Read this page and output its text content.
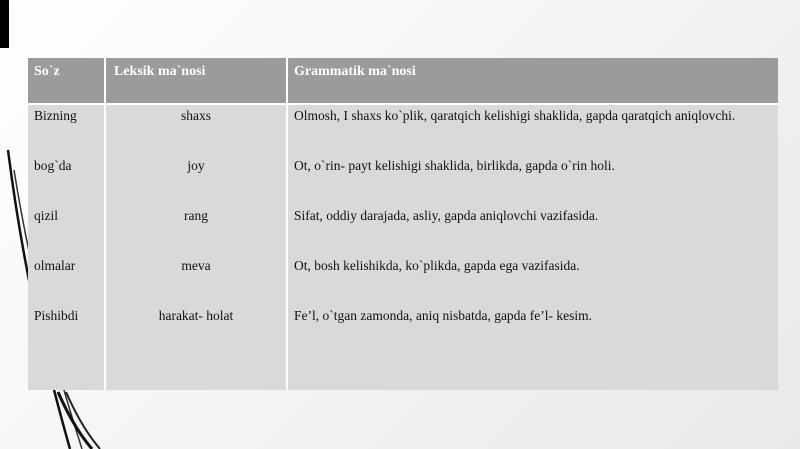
So`z	Leksik ma`nosi	Grammatik ma`nosi
Bizning	shaxs	Olmosh, I shaxs ko`plik, qaratqich kelishigi shaklida, gapda qaratqich aniqlovchi.
bog`da	joy	Ot, o`rin- payt kelishigi shaklida, birlikda, gapda o`rin holi.
qizil	rang	Sifat, oddiy darajada, asliy, gapda aniqlovchi vazifasida.
olmalar	meva	Ot, bosh kelishikda, ko`plikda, gapda ega vazifasida.
Pishibdi	harakat- holat	Fe’l, o`tgan zamonda, aniq nisbatda, gapda fe’l- kesim.
